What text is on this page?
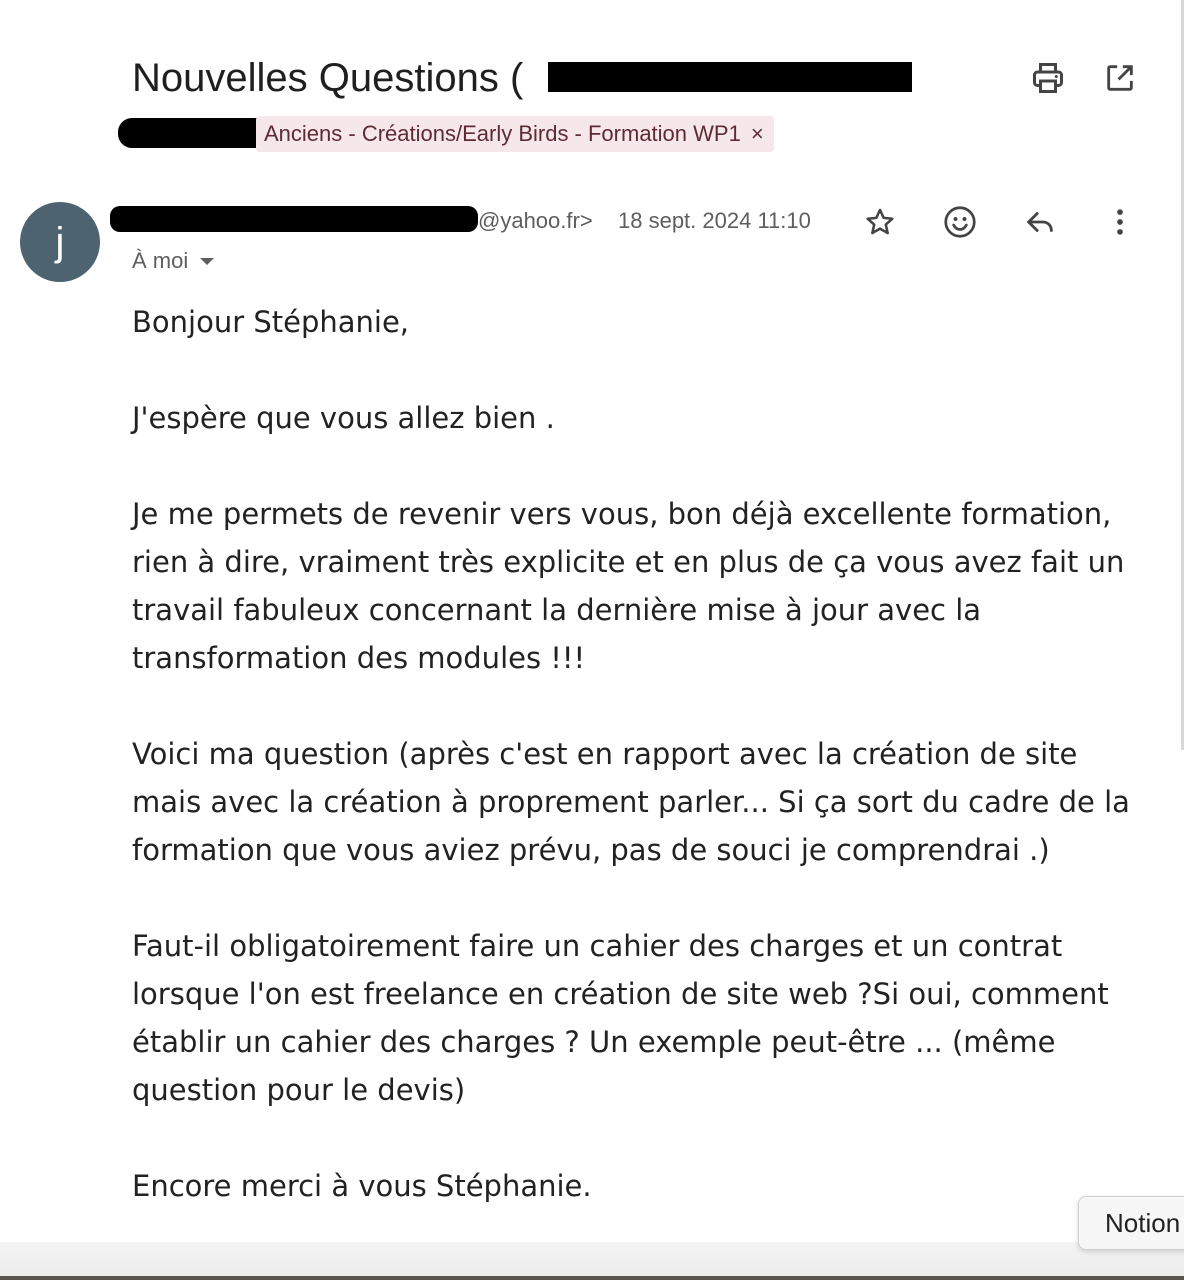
Nouvelles Questions (
Anciens - Créations/Early Birds - Formation WP1 ×
j	@yahoo.fr> 18 sept. 2024 11:10
À moi

Bonjour Stéphanie,

J'espère que vous allez bien .

Je me permets de revenir vers vous, bon déjà excellente formation, rien à dire, vraiment très explicite et en plus de ça vous avez fait un travail fabuleux concernant la dernière mise à jour avec la transformation des modules !!!

Voici ma question (après c'est en rapport avec la création de site mais avec la création à proprement parler... Si ça sort du cadre de la formation que vous aviez prévu, pas de souci je comprendrai .)

Faut-il obligatoirement faire un cahier des charges et un contrat lorsque l'on est freelance en création de site web ?Si oui, comment établir un cahier des charges ? Un exemple peut-être ... (même question pour le devis)

Encore merci à vous Stéphanie.

Notion
